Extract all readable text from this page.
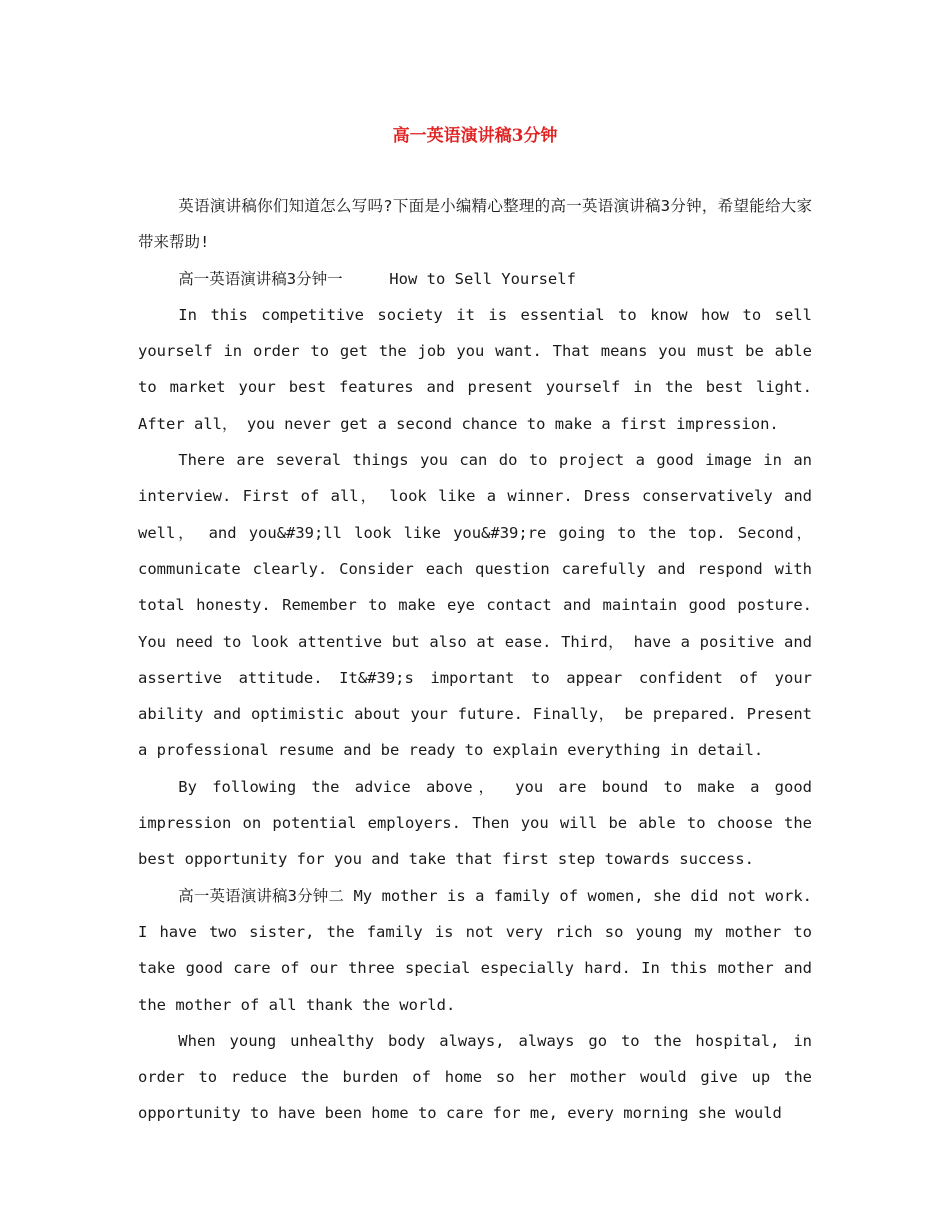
高一英语演讲稿3分钟

英语演讲稿你们知道怎么写吗?下面是小编精心整理的高一英语演讲稿3分钟，希望能给大家带来帮助!

高一英语演讲稿3分钟一     How to Sell Yourself

In this competitive society it is essential to know how to sell yourself in order to get the job you want. That means you must be able to market your best features and present yourself in the best light. After all， you never get a second chance to make a first impression.

There are several things you can do to project a good image in an interview. First of all， look like a winner. Dress conservatively and well， and you&#39;ll look like you&#39;re going to the top. Second， communicate clearly. Consider each question carefully and respond with total honesty. Remember to make eye contact and maintain good posture. You need to look attentive but also at ease. Third， have a positive and assertive attitude. It&#39;s important to appear confident of your ability and optimistic about your future. Finally， be prepared. Present a professional resume and be ready to explain everything in detail.

By following the advice above， you are bound to make a good impression on potential employers. Then you will be able to choose the best opportunity for you and take that first step towards success.

高一英语演讲稿3分钟二 My mother is a family of women, she did not work. I have two sister, the family is not very rich so young my mother to take good care of our three special especially hard. In this mother and the mother of all thank the world.

When young unhealthy body always, always go to the hospital, in order to reduce the burden of home so her mother would give up the opportunity to have been home to care for me, every morning she would
